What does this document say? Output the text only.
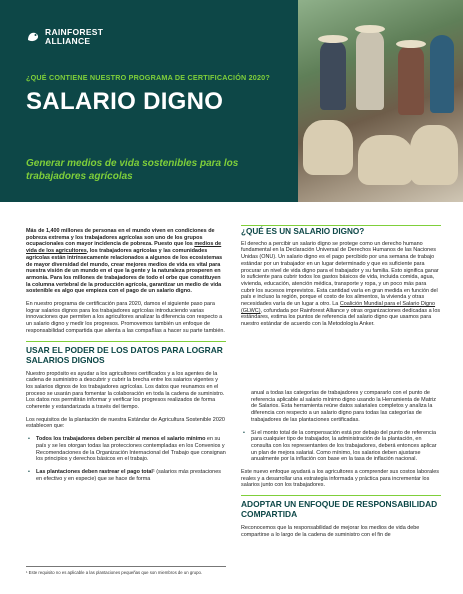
RAINFOREST
ALLIANCE
¿QUÉ CONTIENE NUESTRO PROGRAMA DE CERTIFICACIÓN 2020?
SALARIO DIGNO
Generar medios de vida sostenibles para los trabajadores agrícolas

Más de 1,400 millones de personas en el mundo viven en condiciones de pobreza extrema y los trabajadores agrícolas son uno de los grupos ocupacionales con mayor incidencia de pobreza. Puesto que los medios de vida de los agricultores, los trabajadores agrícolas y las comunidades agrícolas están intrínsecamente relacionados a algunos de los ecosistemas de mayor diversidad del mundo, crear mejores medios de vida es vital para nuestra visión de un mundo en el que la gente y la naturaleza prosperen en armonía. Para los millones de trabajadores de todo el orbe que constituyen la columna vertebral de la producción agrícola, garantizar un medio de vida sostenible es algo que empieza con el pago de un salario digno.

En nuestro programa de certificación para 2020, damos el siguiente paso para lograr salarios dignos para los trabajadores agrícolas introduciendo varias innovaciones que permiten a los agricultores analizar la diferencia con respecto a un salario digno y medir los progresos. Promovemos también un enfoque de responsabilidad compartida que alienta a las compañías a hacer su parte también.

USAR EL PODER DE LOS DATOS PARA LOGRAR SALARIOS DIGNOS

Nuestro propósito es ayudar a los agricultores certificados y a los agentes de la cadena de suministro a descubrir y cubrir la brecha entre los salarios vigentes y los salarios dignos de los trabajadores agrícolas. Los datos que reunamos en el proceso se usarán para fomentar la colaboración en toda la cadena de suministro. Los datos nos permitirán informar y verificar los progresos realizados de forma coherente y estandarizada a través del tiempo.

Los requisitos de la plantación de nuestra Estándar de Agricultura Sostenible 2020 establecen que:

• Todos los trabajadores deben percibir al menos el salario mínimo en su país y se les otorgan todas las protecciones contempladas en los Convenios y Recomendaciones de la Organización Internacional del Trabajo que consignan los principios y derechos básicos en el trabajo.
• Las plantaciones deben rastrear el pago total¹ (salarios más prestaciones en efectivo y en especie) que se hace de forma
¹ Este requisito no es aplicable a las plantaciones pequeñas que son miembros de un grupo.
¿QUÉ ES UN SALARIO DIGNO?

El derecho a percibir un salario digno se protege como un derecho humano fundamental en la Declaración Universal de Derechos Humanos de las Naciones Unidas (ONU). Un salario digno es el pago percibido por una semana de trabajo estándar por un trabajador en un lugar determinado y que es suficiente para procurar un nivel de vida digno para el trabajador y su familia. Esto significa ganar lo suficiente para cubrir todos los gastos básicos de vida, incluida comida, agua, vivienda, educación, atención médica, transporte y ropa, y un poco más para cubrir los sucesos imprevistos. Esta cantidad varía en gran medida en función del país e incluso la región, porque el costo de los alimentos, la vivienda y otras necesidades varía de un lugar a otro. La Coalición Mundial para el Salario Digno (GLWC), cofundada por Rainforest Alliance y otras organizaciones dedicadas a los estándares, estima los puntos de referencia del salario digno que usamos para nuestro estándar de acuerdo con la Metodología Anker.

anual a todas las categorías de trabajadores y compararlo con el punto de referencia aplicable al salario mínimo digno usando la Herramienta de Matriz de Salarios. Esta herramienta reúne datos salariales completos y analiza la diferencia con respecto a un salario digno para todas las categorías de trabajadores de las plantaciones certificadas.

• Si el monto total de la compensación está por debajo del punto de referencia para cualquier tipo de trabajador, la administración de la plantación, en consulta con los representantes de los trabajadores, deberá entonces aplicar un plan de mejora salarial. Como mínimo, los salarios deben ajustarse anualmente por la inflación con base en la tasa de inflación nacional.

Este nuevo enfoque ayudará a los agricultores a comprender sus costos laborales reales y a desarrollar una estrategia informada y práctica para incrementar los salarios junto con los trabajadores.

ADOPTAR UN ENFOQUE DE RESPONSABILIDAD COMPARTIDA

Reconocemos que la responsabilidad de mejorar los medios de vida debe compartirse a lo largo de la cadena de suministro con el fin de
